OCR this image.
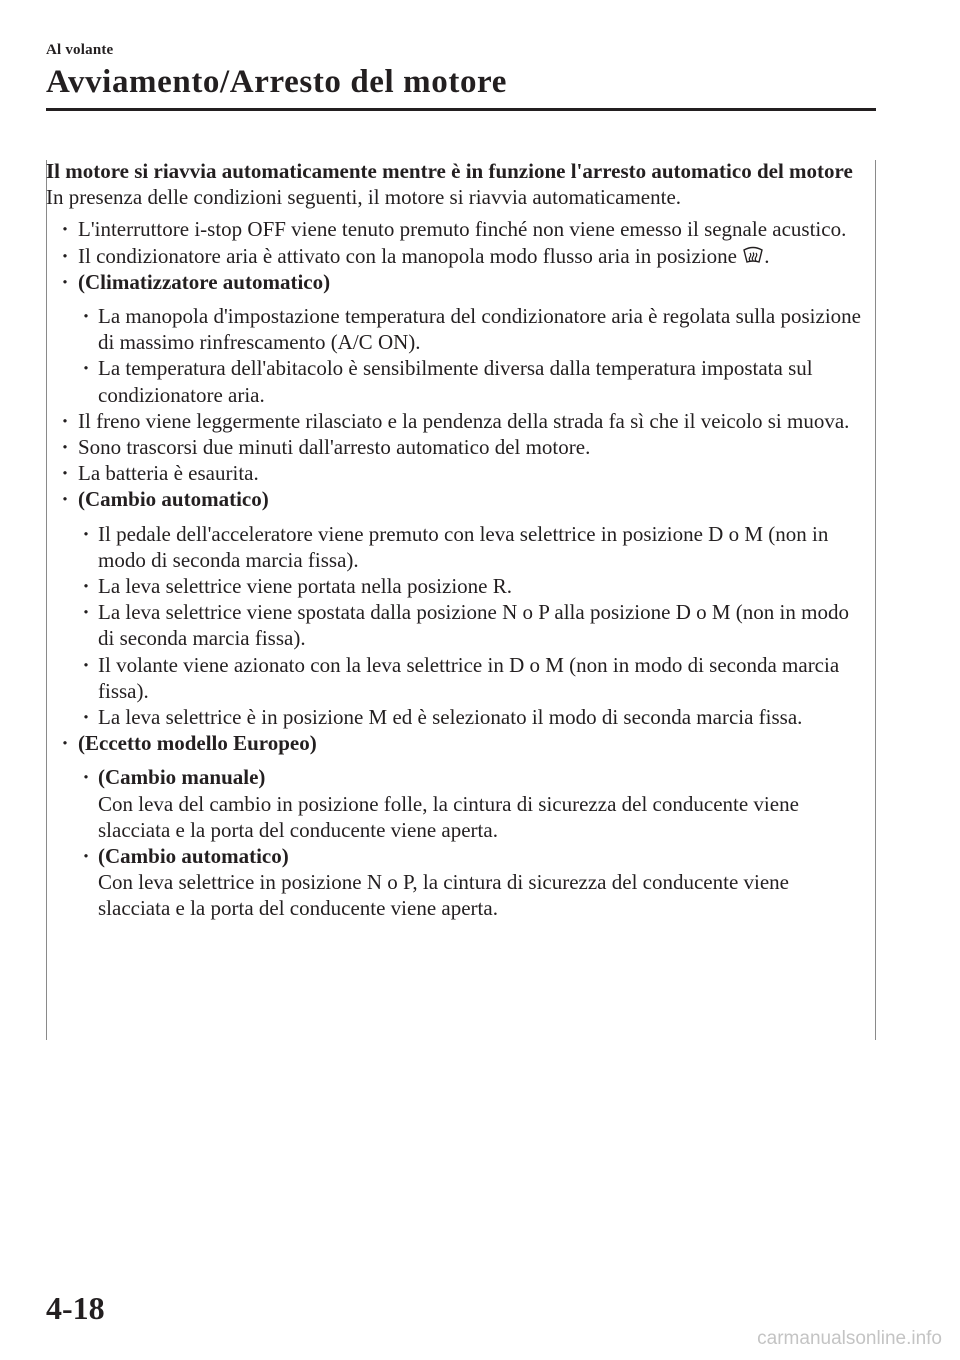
Al volante
Avviamento/Arresto del motore
Il motore si riavvia automaticamente mentre è in funzione l'arresto automatico del motore
In presenza delle condizioni seguenti, il motore si riavvia automaticamente.
· L'interruttore i-stop OFF viene tenuto premuto finché non viene emesso il segnale acustico.
· Il condizionatore aria è attivato con la manopola modo flusso aria in posizione .
· (Climatizzatore automatico)
· La manopola d'impostazione temperatura del condizionatore aria è regolata sulla posizione di massimo rinfrescamento (A/C ON).
· La temperatura dell'abitacolo è sensibilmente diversa dalla temperatura impostata sul condizionatore aria.
· Il freno viene leggermente rilasciato e la pendenza della strada fa sì che il veicolo si muova.
· Sono trascorsi due minuti dall'arresto automatico del motore.
· La batteria è esaurita.
· (Cambio automatico)
· Il pedale dell'acceleratore viene premuto con leva selettrice in posizione D o M (non in modo di seconda marcia fissa).
· La leva selettrice viene portata nella posizione R.
· La leva selettrice viene spostata dalla posizione N o P alla posizione D o M (non in modo di seconda marcia fissa).
· Il volante viene azionato con la leva selettrice in D o M (non in modo di seconda marcia fissa).
· La leva selettrice è in posizione M ed è selezionato il modo di seconda marcia fissa.
· (Eccetto modello Europeo)
· (Cambio manuale)
Con leva del cambio in posizione folle, la cintura di sicurezza del conducente viene slacciata e la porta del conducente viene aperta.
· (Cambio automatico)
Con leva selettrice in posizione N o P, la cintura di sicurezza del conducente viene slacciata e la porta del conducente viene aperta.
4-18
carmanualsonline.info
